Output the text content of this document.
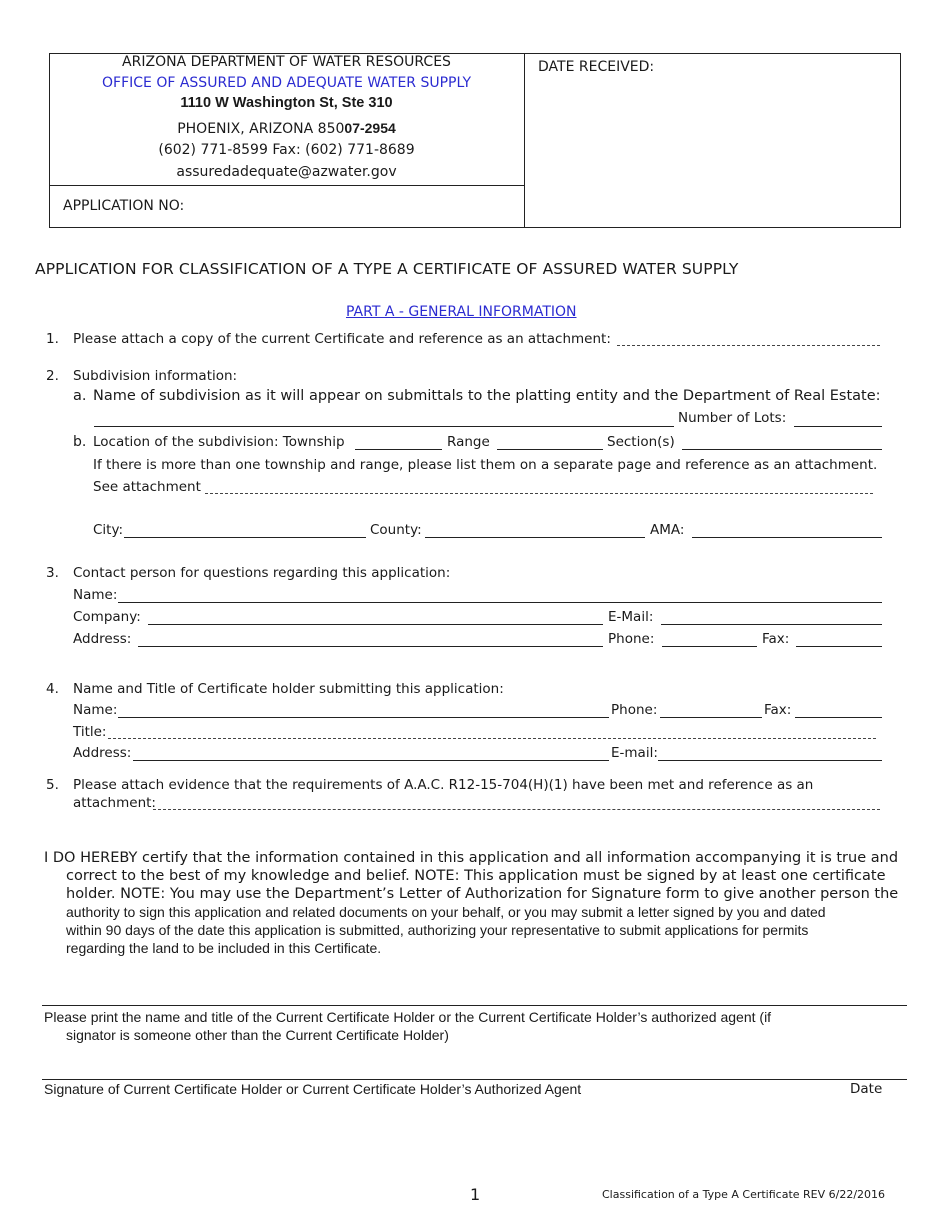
ARIZONA DEPARTMENT OF WATER RESOURCES
OFFICE OF ASSURED AND ADEQUATE WATER SUPPLY
1110 W Washington St, Ste 310
PHOENIX, ARIZONA 85007-2954
(602) 771-8599 Fax: (602) 771-8689
assuredadequate@azwater.gov
APPLICATION NO:
DATE RECEIVED:
APPLICATION FOR CLASSIFICATION OF A TYPE A CERTIFICATE OF ASSURED WATER SUPPLY
PART A - GENERAL INFORMATION
1. Please attach a copy of the current Certificate and reference as an attachment:
2. Subdivision information:
a. Name of subdivision as it will appear on submittals to the platting entity and the Department of Real Estate:
Number of Lots:
b. Location of the subdivision: Township	Range	Section(s)
If there is more than one township and range, please list them on a separate page and reference as an attachment.
See attachment
City:	County:	AMA:
3. Contact person for questions regarding this application:
Name:
Company:	E-Mail:
Address:	Phone:	Fax:
4. Name and Title of Certificate holder submitting this application:
Name:	Phone:	Fax:
Title:
Address:	E-mail:
5. Please attach evidence that the requirements of A.A.C. R12-15-704(H)(1) have been met and reference as an
attachment:
I DO HEREBY certify that the information contained in this application and all information accompanying it is true and
correct to the best of my knowledge and belief. NOTE: This application must be signed by at least one certificate
holder. NOTE: You may use the Department’s Letter of Authorization for Signature form to give another person the
authority to sign this application and related documents on your behalf, or you may submit a letter signed by you and dated
within 90 days of the date this application is submitted, authorizing your representative to submit applications for permits
regarding the land to be included in this Certificate.
Please print the name and title of the Current Certificate Holder or the Current Certificate Holder’s authorized agent (if
signator is someone other than the Current Certificate Holder)
Signature of Current Certificate Holder or Current Certificate Holder’s Authorized Agent	Date
1	Classification of a Type A Certificate REV 6/22/2016
